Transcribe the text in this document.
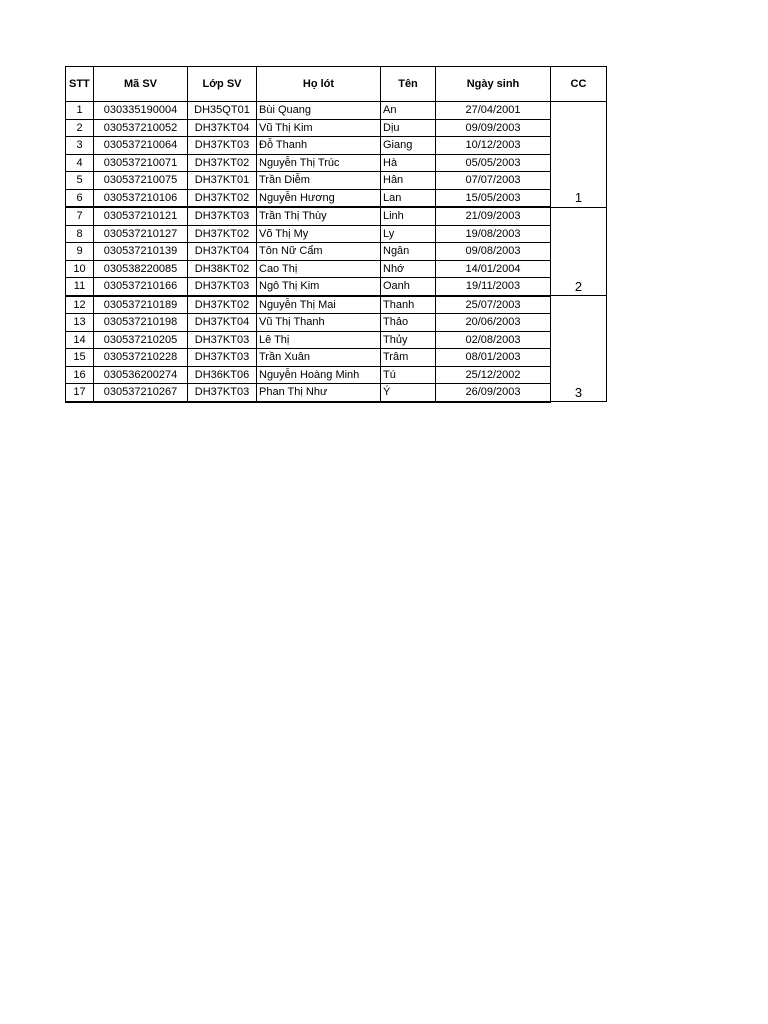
STT	Mã SV	Lớp SV	Họ lót	Tên	Ngày sinh	CC
1	030335190004	DH35QT01	Bùi Quang	An	27/04/2001	1
2	030537210052	DH37KT04	Vũ Thị Kim	Dịu	09/09/2003	
3	030537210064	DH37KT03	Đỗ Thanh	Giang	10/12/2003	
4	030537210071	DH37KT02	Nguyễn Thị Trúc	Hà	05/05/2003	
5	030537210075	DH37KT01	Trần Diễm	Hân	07/07/2003	
6	030537210106	DH37KT02	Nguyễn Hương	Lan	15/05/2003	
7	030537210121	DH37KT03	Trần Thị Thùy	Linh	21/09/2003	2
8	030537210127	DH37KT02	Võ Thị My	Ly	19/08/2003	
9	030537210139	DH37KT04	Tôn Nữ Cẩm	Ngân	09/08/2003	
10	030538220085	DH38KT02	Cao Thị	Nhớ	14/01/2004	
11	030537210166	DH37KT03	Ngô Thị Kim	Oanh	19/11/2003	
12	030537210189	DH37KT02	Nguyễn Thị Mai	Thanh	25/07/2003	3
13	030537210198	DH37KT04	Vũ Thị Thanh	Thảo	20/06/2003	
14	030537210205	DH37KT03	Lê Thị	Thủy	02/08/2003	
15	030537210228	DH37KT03	Trần Xuân	Trâm	08/01/2003	
16	030536200274	DH36KT06	Nguyễn Hoàng Minh	Tú	25/12/2002	
17	030537210267	DH37KT03	Phan Thị Như	Ý	26/09/2003	
